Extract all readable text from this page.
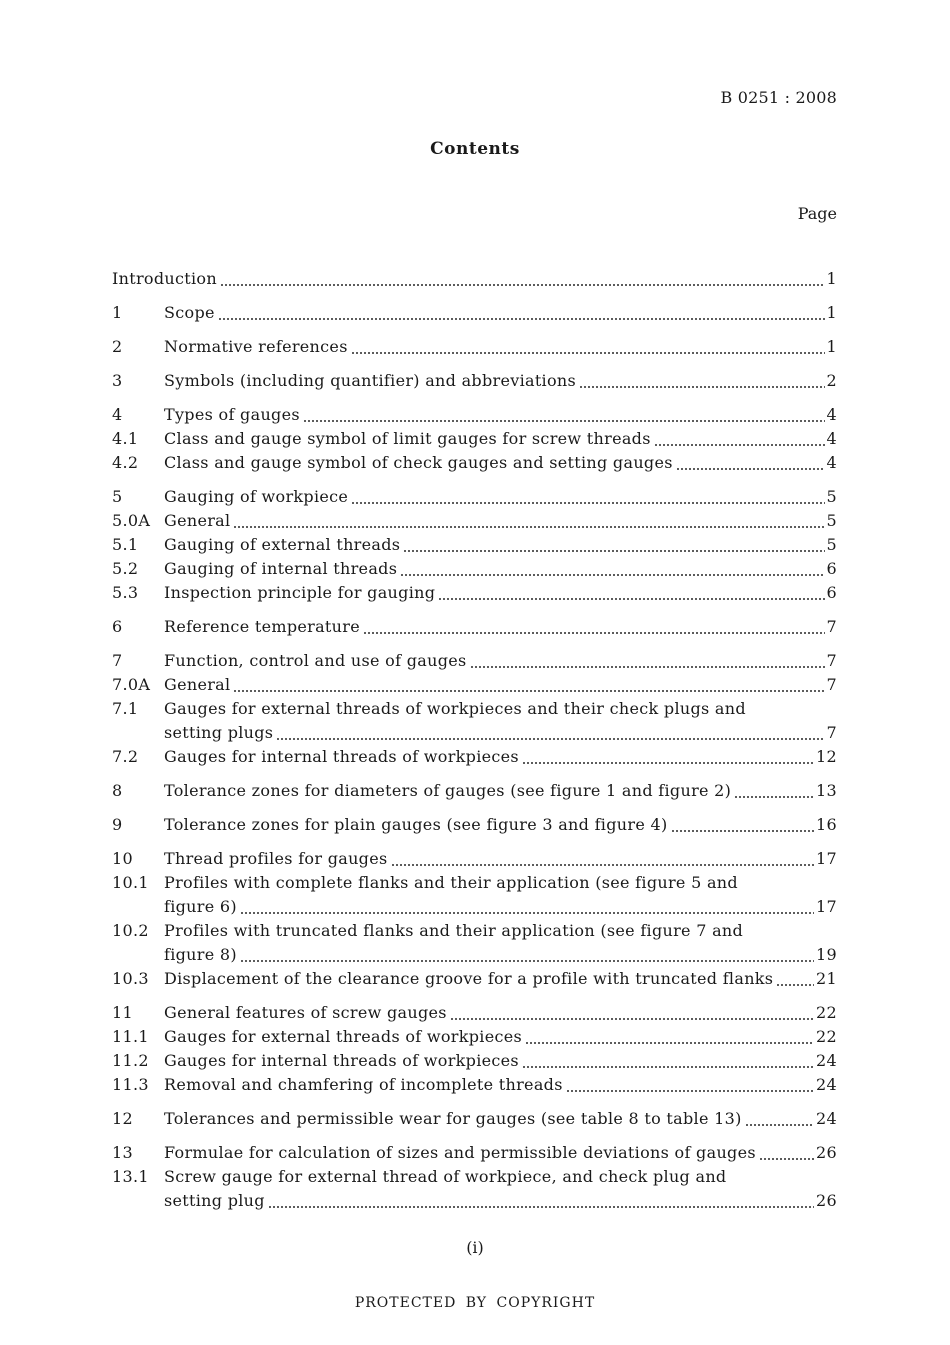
B 0251 : 2008
Contents
Page
Introduction	1
1	Scope	1
2	Normative references	1
3	Symbols (including quantifier) and abbreviations	2
4	Types of gauges	4
4.1	Class and gauge symbol of limit gauges for screw threads	4
4.2	Class and gauge symbol of check gauges and setting gauges	4
5	Gauging of workpiece	5
5.0A General	5
5.1	Gauging of external threads	5
5.2	Gauging of internal threads	6
5.3	Inspection principle for gauging	6
6	Reference temperature	7
7	Function, control and use of gauges	7
7.0A General	7
7.1	Gauges for external threads of workpieces and their check plugs and
setting plugs	7
7.2	Gauges for internal threads of workpieces	12
8	Tolerance zones for diameters of gauges (see figure 1 and figure 2)	13
9	Tolerance zones for plain gauges (see figure 3 and figure 4)	16
10	Thread profiles for gauges	17
10.1 Profiles with complete flanks and their application (see figure 5 and
figure 6)	17
10.2 Profiles with truncated flanks and their application (see figure 7 and
figure 8)	19
10.3 Displacement of the clearance groove for a profile with truncated flanks	21
11	General features of screw gauges	22
11.1 Gauges for external threads of workpieces	22
11.2 Gauges for internal threads of workpieces	24
11.3 Removal and chamfering of incomplete threads	24
12	Tolerances and permissible wear for gauges (see table 8 to table 13)	24
13	Formulae for calculation of sizes and permissible deviations of gauges	26
13.1 Screw gauge for external thread of workpiece, and check plug and
setting plug	26
(i)
PROTECTED BY COPYRIGHT
